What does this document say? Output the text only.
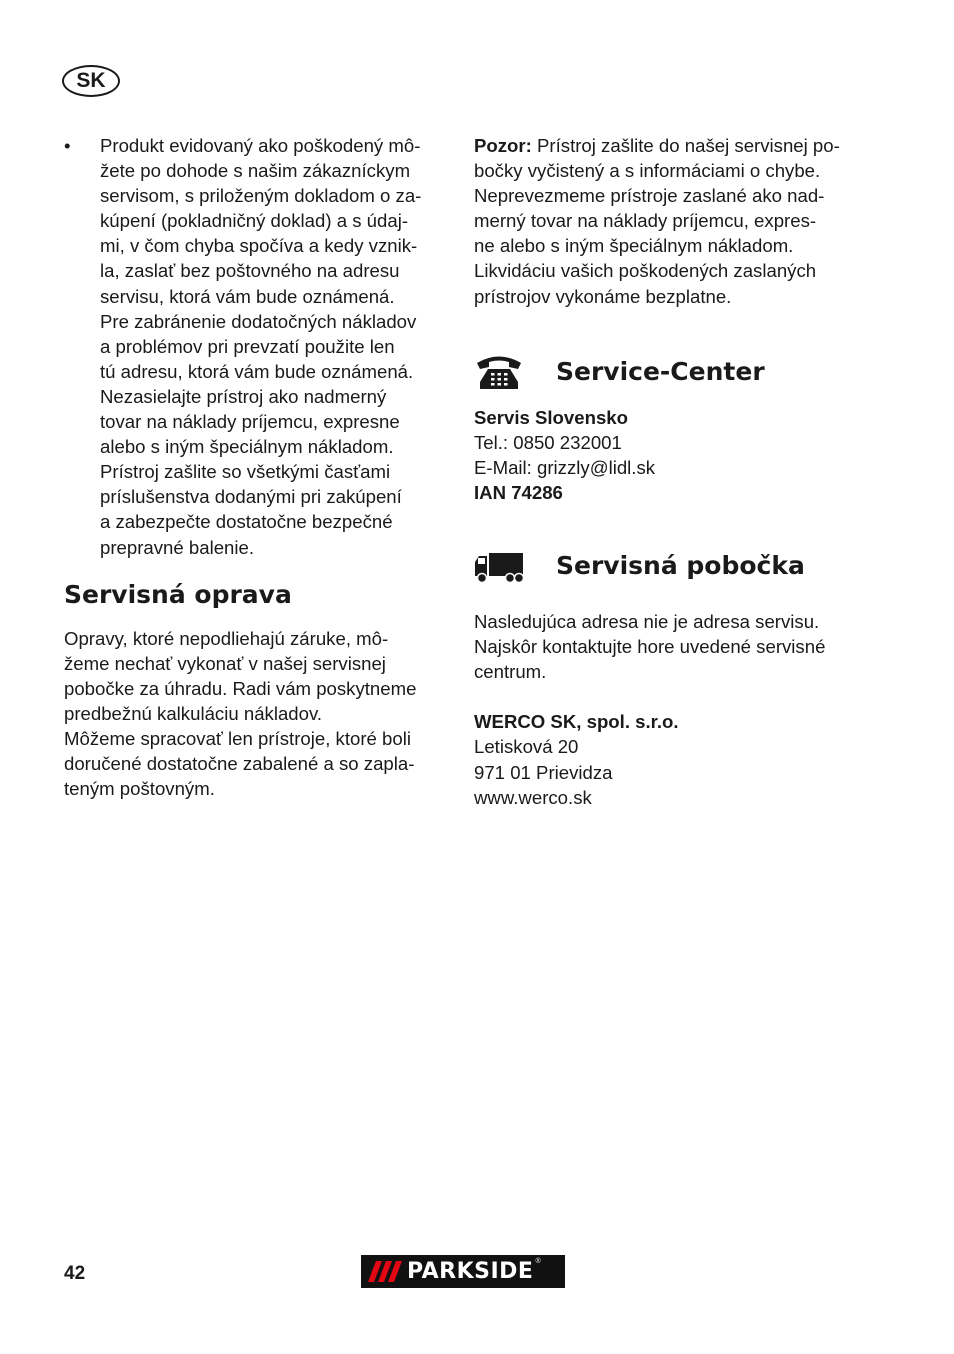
SK
• Produkt evidovaný ako poškodený mô-
žete po dohode s našim zákazníckym
servisom, s priloženým dokladom o za-
kúpení (pokladničný doklad) a s údaj-
mi, v čom chyba spočíva a kedy vznik-
la, zaslať bez poštovného na adresu
servisu, ktorá vám bude oznámená.
Pre zabránenie dodatočných nákladov
a problémov pri prevzatí použite len
tú adresu, ktorá vám bude oznámená.
Nezasielajte prístroj ako nadmerný
tovar na náklady príjemcu, expresne
alebo s iným špeciálnym nákladom.
Prístroj zašlite so všetkými časťami
príslušenstva dodanými pri zakúpení
a zabezpečte dostatočne bezpečné
prepravné balenie.
Servisná oprava
Opravy, ktoré nepodliehajú záruke, mô-
žeme nechať vykonať v našej servisnej
pobočke za úhradu. Radi vám poskytneme
predbežnú kalkuláciu nákladov.
Môžeme spracovať len prístroje, ktoré boli
doručené dostatočne zabalené a so zapla-
teným poštovným.
Pozor: Prístroj zašlite do našej servisnej po-
bočky vyčistený a s informáciami o chybe.
Neprevezmeme prístroje zaslané ako nad-
merný tovar na náklady príjemcu, expres-
ne alebo s iným špeciálnym nákladom.
Likvidáciu vašich poškodených zaslaných
prístrojov vykonáme bezplatne.
Service-Center
Servis Slovensko
Tel.: 0850 232001
E-Mail: grizzly@lidl.sk
IAN 74286
Servisná pobočka
Nasledujúca adresa nie je adresa servisu.
Najskôr kontaktujte hore uvedené servisné
centrum.
WERCO SK, spol. s.r.o.
Letisková 20
971 01 Prievidza
www.werco.sk
42	PARKSIDE ®
